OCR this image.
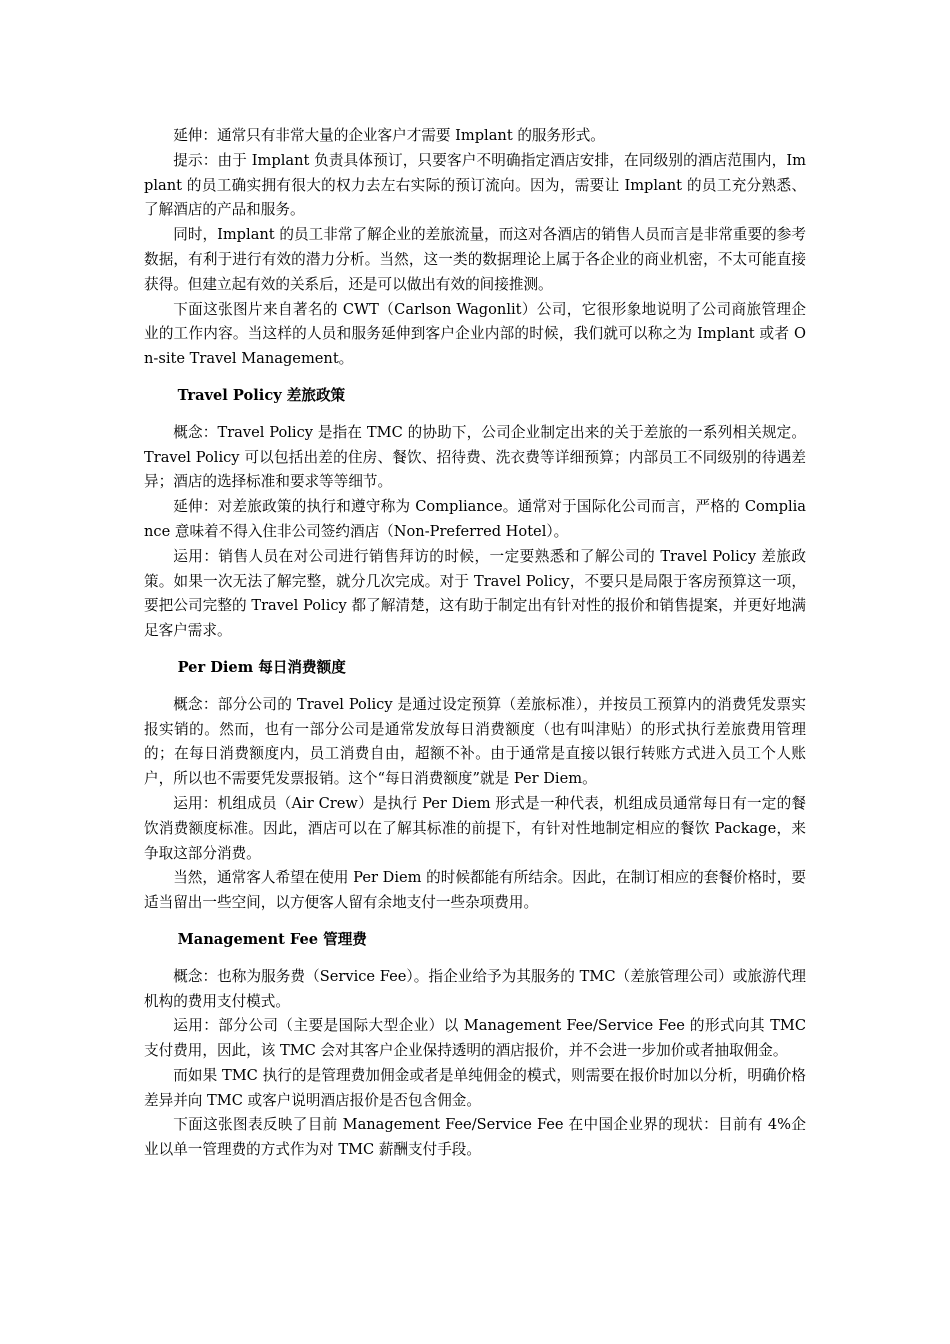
延伸：通常只有非常大量的企业客户才需要 Implant 的服务形式。

提示：由于 Implant 负责具体预订，只要客户不明确指定酒店安排，在同级别的酒店范围内，Implant 的员工确实拥有很大的权力去左右实际的预订流向。因为，需要让 Implant 的员工充分熟悉、了解酒店的产品和服务。

同时，Implant 的员工非常了解企业的差旅流量，而这对各酒店的销售人员而言是非常重要的参考数据，有利于进行有效的潜力分析。当然，这一类的数据理论上属于各企业的商业机密，不太可能直接获得。但建立起有效的关系后，还是可以做出有效的间接推测。

下面这张图片来自著名的 CWT（Carlson Wagonlit）公司，它很形象地说明了公司商旅管理企业的工作内容。当这样的人员和服务延伸到客户企业内部的时候，我们就可以称之为 Implant 或者 On-site Travel Management。

Travel Policy 差旅政策

概念：Travel Policy 是指在 TMC 的协助下，公司企业制定出来的关于差旅的一系列相关规定。Travel Policy 可以包括出差的住房、餐饮、招待费、洗衣费等详细预算；内部员工不同级别的待遇差异；酒店的选择标准和要求等等细节。

延伸：对差旅政策的执行和遵守称为 Compliance。通常对于国际化公司而言，严格的 Compliance 意味着不得入住非公司签约酒店（Non-Preferred Hotel）。

运用：销售人员在对公司进行销售拜访的时候，一定要熟悉和了解公司的 Travel Policy 差旅政策。如果一次无法了解完整，就分几次完成。对于 Travel Policy，不要只是局限于客房预算这一项，要把公司完整的 Travel Policy 都了解清楚，这有助于制定出有针对性的报价和销售提案，并更好地满足客户需求。

Per Diem 每日消费额度

概念：部分公司的 Travel Policy 是通过设定预算（差旅标准），并按员工预算内的消费凭发票实报实销的。然而，也有一部分公司是通常发放每日消费额度（也有叫津贴）的形式执行差旅费用管理的；在每日消费额度内，员工消费自由，超额不补。由于通常是直接以银行转账方式进入员工个人账户，所以也不需要凭发票报销。这个“每日消费额度”就是 Per Diem。

运用：机组成员（Air Crew）是执行 Per Diem 形式是一种代表，机组成员通常每日有一定的餐饮消费额度标准。因此，酒店可以在了解其标准的前提下，有针对性地制定相应的餐饮 Package，来争取这部分消费。

当然，通常客人希望在使用 Per Diem 的时候都能有所结余。因此，在制订相应的套餐价格时，要适当留出一些空间，以方便客人留有余地支付一些杂项费用。

Management Fee 管理费

概念：也称为服务费（Service Fee）。指企业给予为其服务的 TMC（差旅管理公司）或旅游代理机构的费用支付模式。

运用：部分公司（主要是国际大型企业）以 Management Fee/Service Fee 的形式向其 TMC 支付费用，因此，该 TMC 会对其客户企业保持透明的酒店报价，并不会进一步加价或者抽取佣金。

而如果 TMC 执行的是管理费加佣金或者是单纯佣金的模式，则需要在报价时加以分析，明确价格差异并向 TMC 或客户说明酒店报价是否包含佣金。

下面这张图表反映了目前 Management Fee/Service Fee 在中国企业界的现状：目前有 4%企业以单一管理费的方式作为对 TMC 薪酬支付手段。
